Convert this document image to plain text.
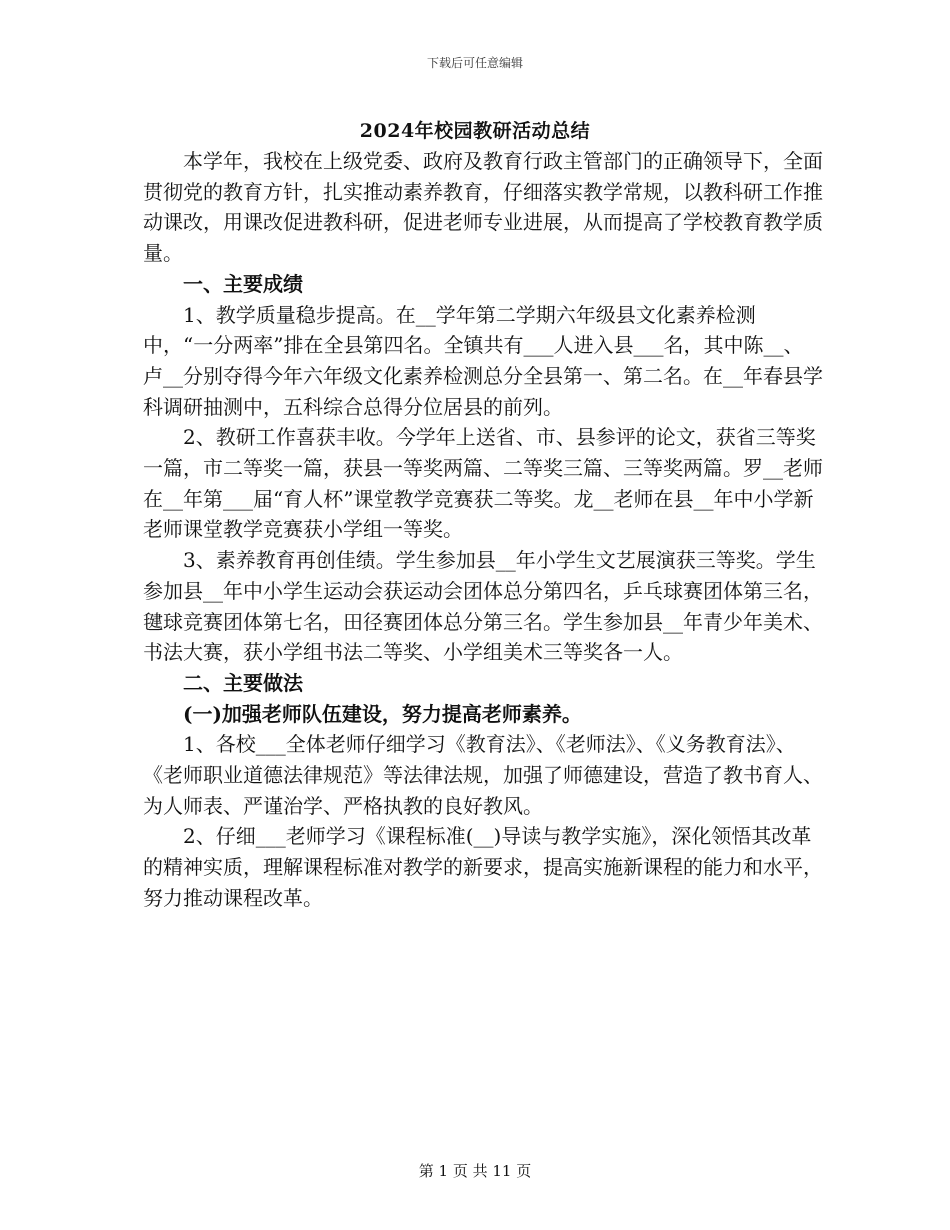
下载后可任意编辑
2024年校园教研活动总结

本学年，我校在上级党委、政府及教育行政主管部门的正确领导下，全面贯彻党的教育方针，扎实推动素养教育，仔细落实教学常规，以教科研工作推动课改，用课改促进教科研，促进老师专业进展，从而提高了学校教育教学质量。

一、主要成绩

1、教学质量稳步提高。在__学年第二学期六年级县文化素养检测中，“一分两率”排在全县第四名。全镇共有___人进入县___名，其中陈__、卢__分别夺得今年六年级文化素养检测总分全县第一、第二名。在__年春县学科调研抽测中，五科综合总得分位居县的前列。

2、教研工作喜获丰收。今学年上送省、市、县参评的论文，获省三等奖一篇，市二等奖一篇，获县一等奖两篇、二等奖三篇、三等奖两篇。罗__老师在__年第___届“育人杯”课堂教学竞赛获二等奖。龙__老师在县__年中小学新老师课堂教学竞赛获小学组一等奖。

3、素养教育再创佳绩。学生参加县__年小学生文艺展演获三等奖。学生参加县__年中小学生运动会获运动会团体总分第四名，乒乓球赛团体第三名，毽球竞赛团体第七名，田径赛团体总分第三名。学生参加县__年青少年美术、书法大赛，获小学组书法二等奖、小学组美术三等奖各一人。

二、主要做法

(一)加强老师队伍建设，努力提高老师素养。

1、各校___全体老师仔细学习《教育法》、《老师法》、《义务教育法》、《老师职业道德法律规范》等法律法规，加强了师德建设，营造了教书育人、为人师表、严谨治学、严格执教的良好教风。

2、仔细___老师学习《课程标准(__)导读与教学实施》，深化领悟其改革的精神实质，理解课程标准对教学的新要求，提高实施新课程的能力和水平，努力推动课程改革。

第 1 页 共 11 页
